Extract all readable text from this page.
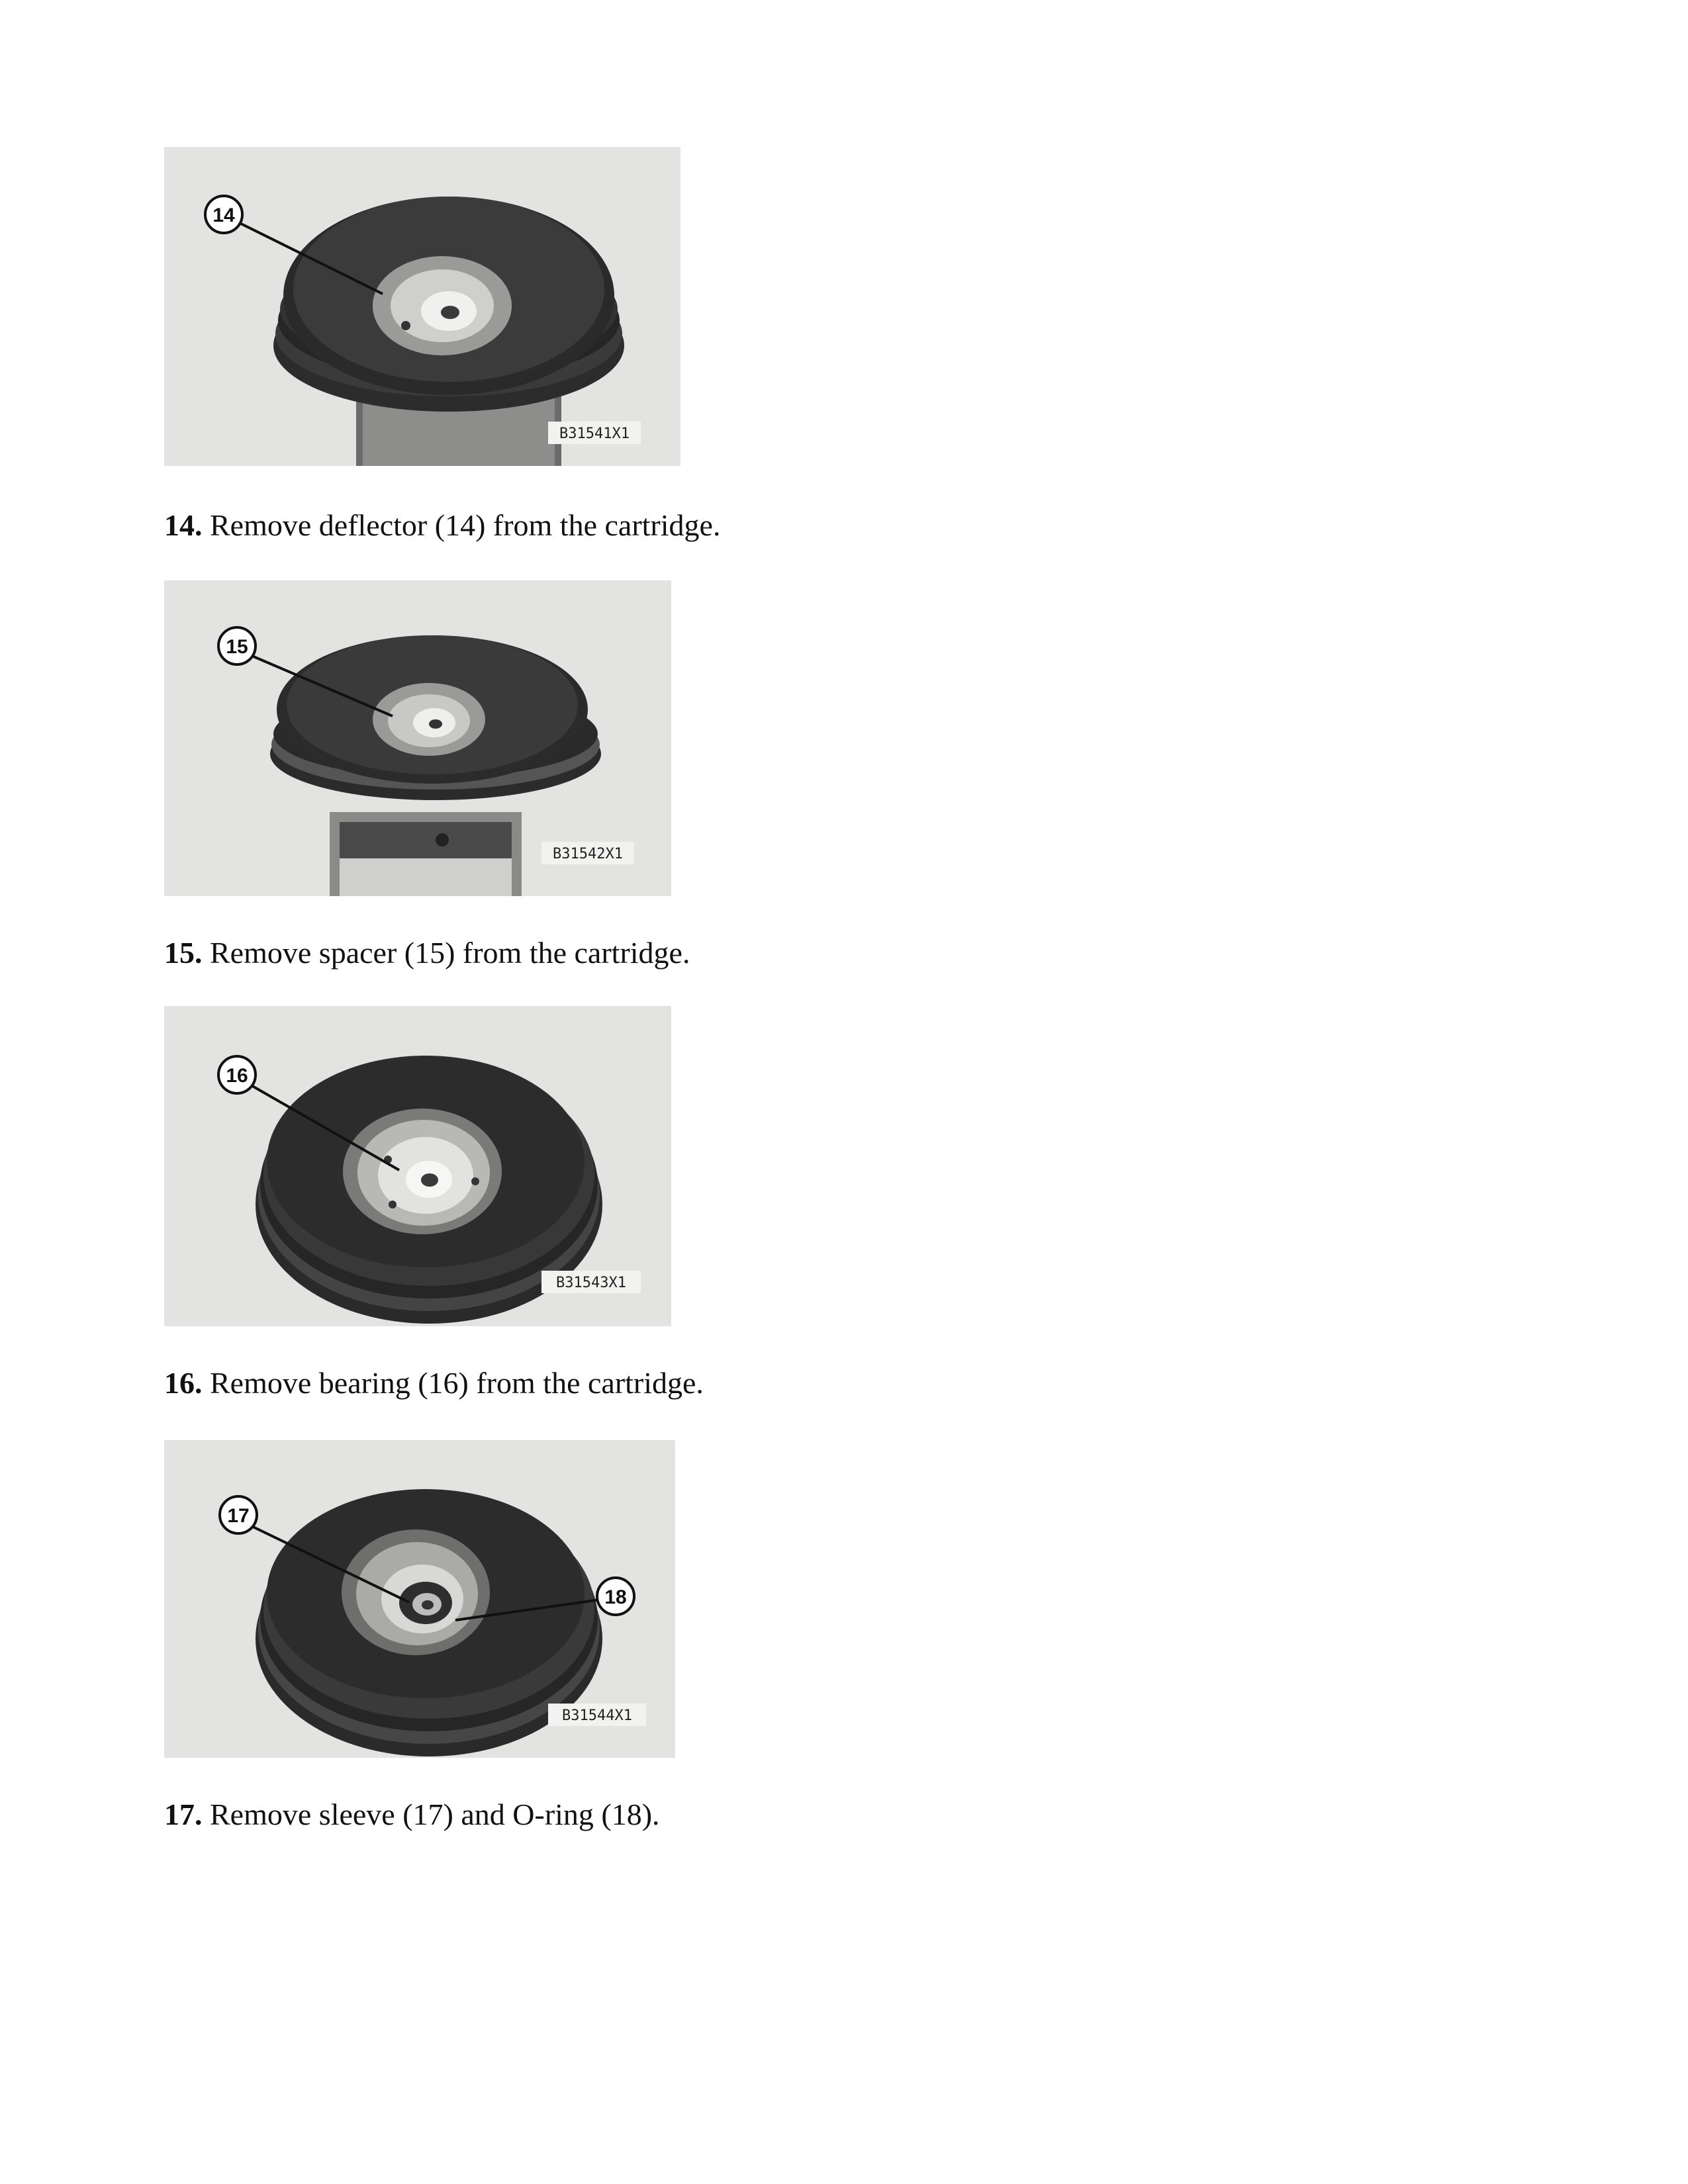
14
B31541X1
14. Remove deflector (14) from the cartridge.
15
B31542X1
15. Remove spacer (15) from the cartridge.
16
B31543X1
16. Remove bearing (16) from the cartridge.
17
18
B31544X1
17. Remove sleeve (17) and O-ring (18).
